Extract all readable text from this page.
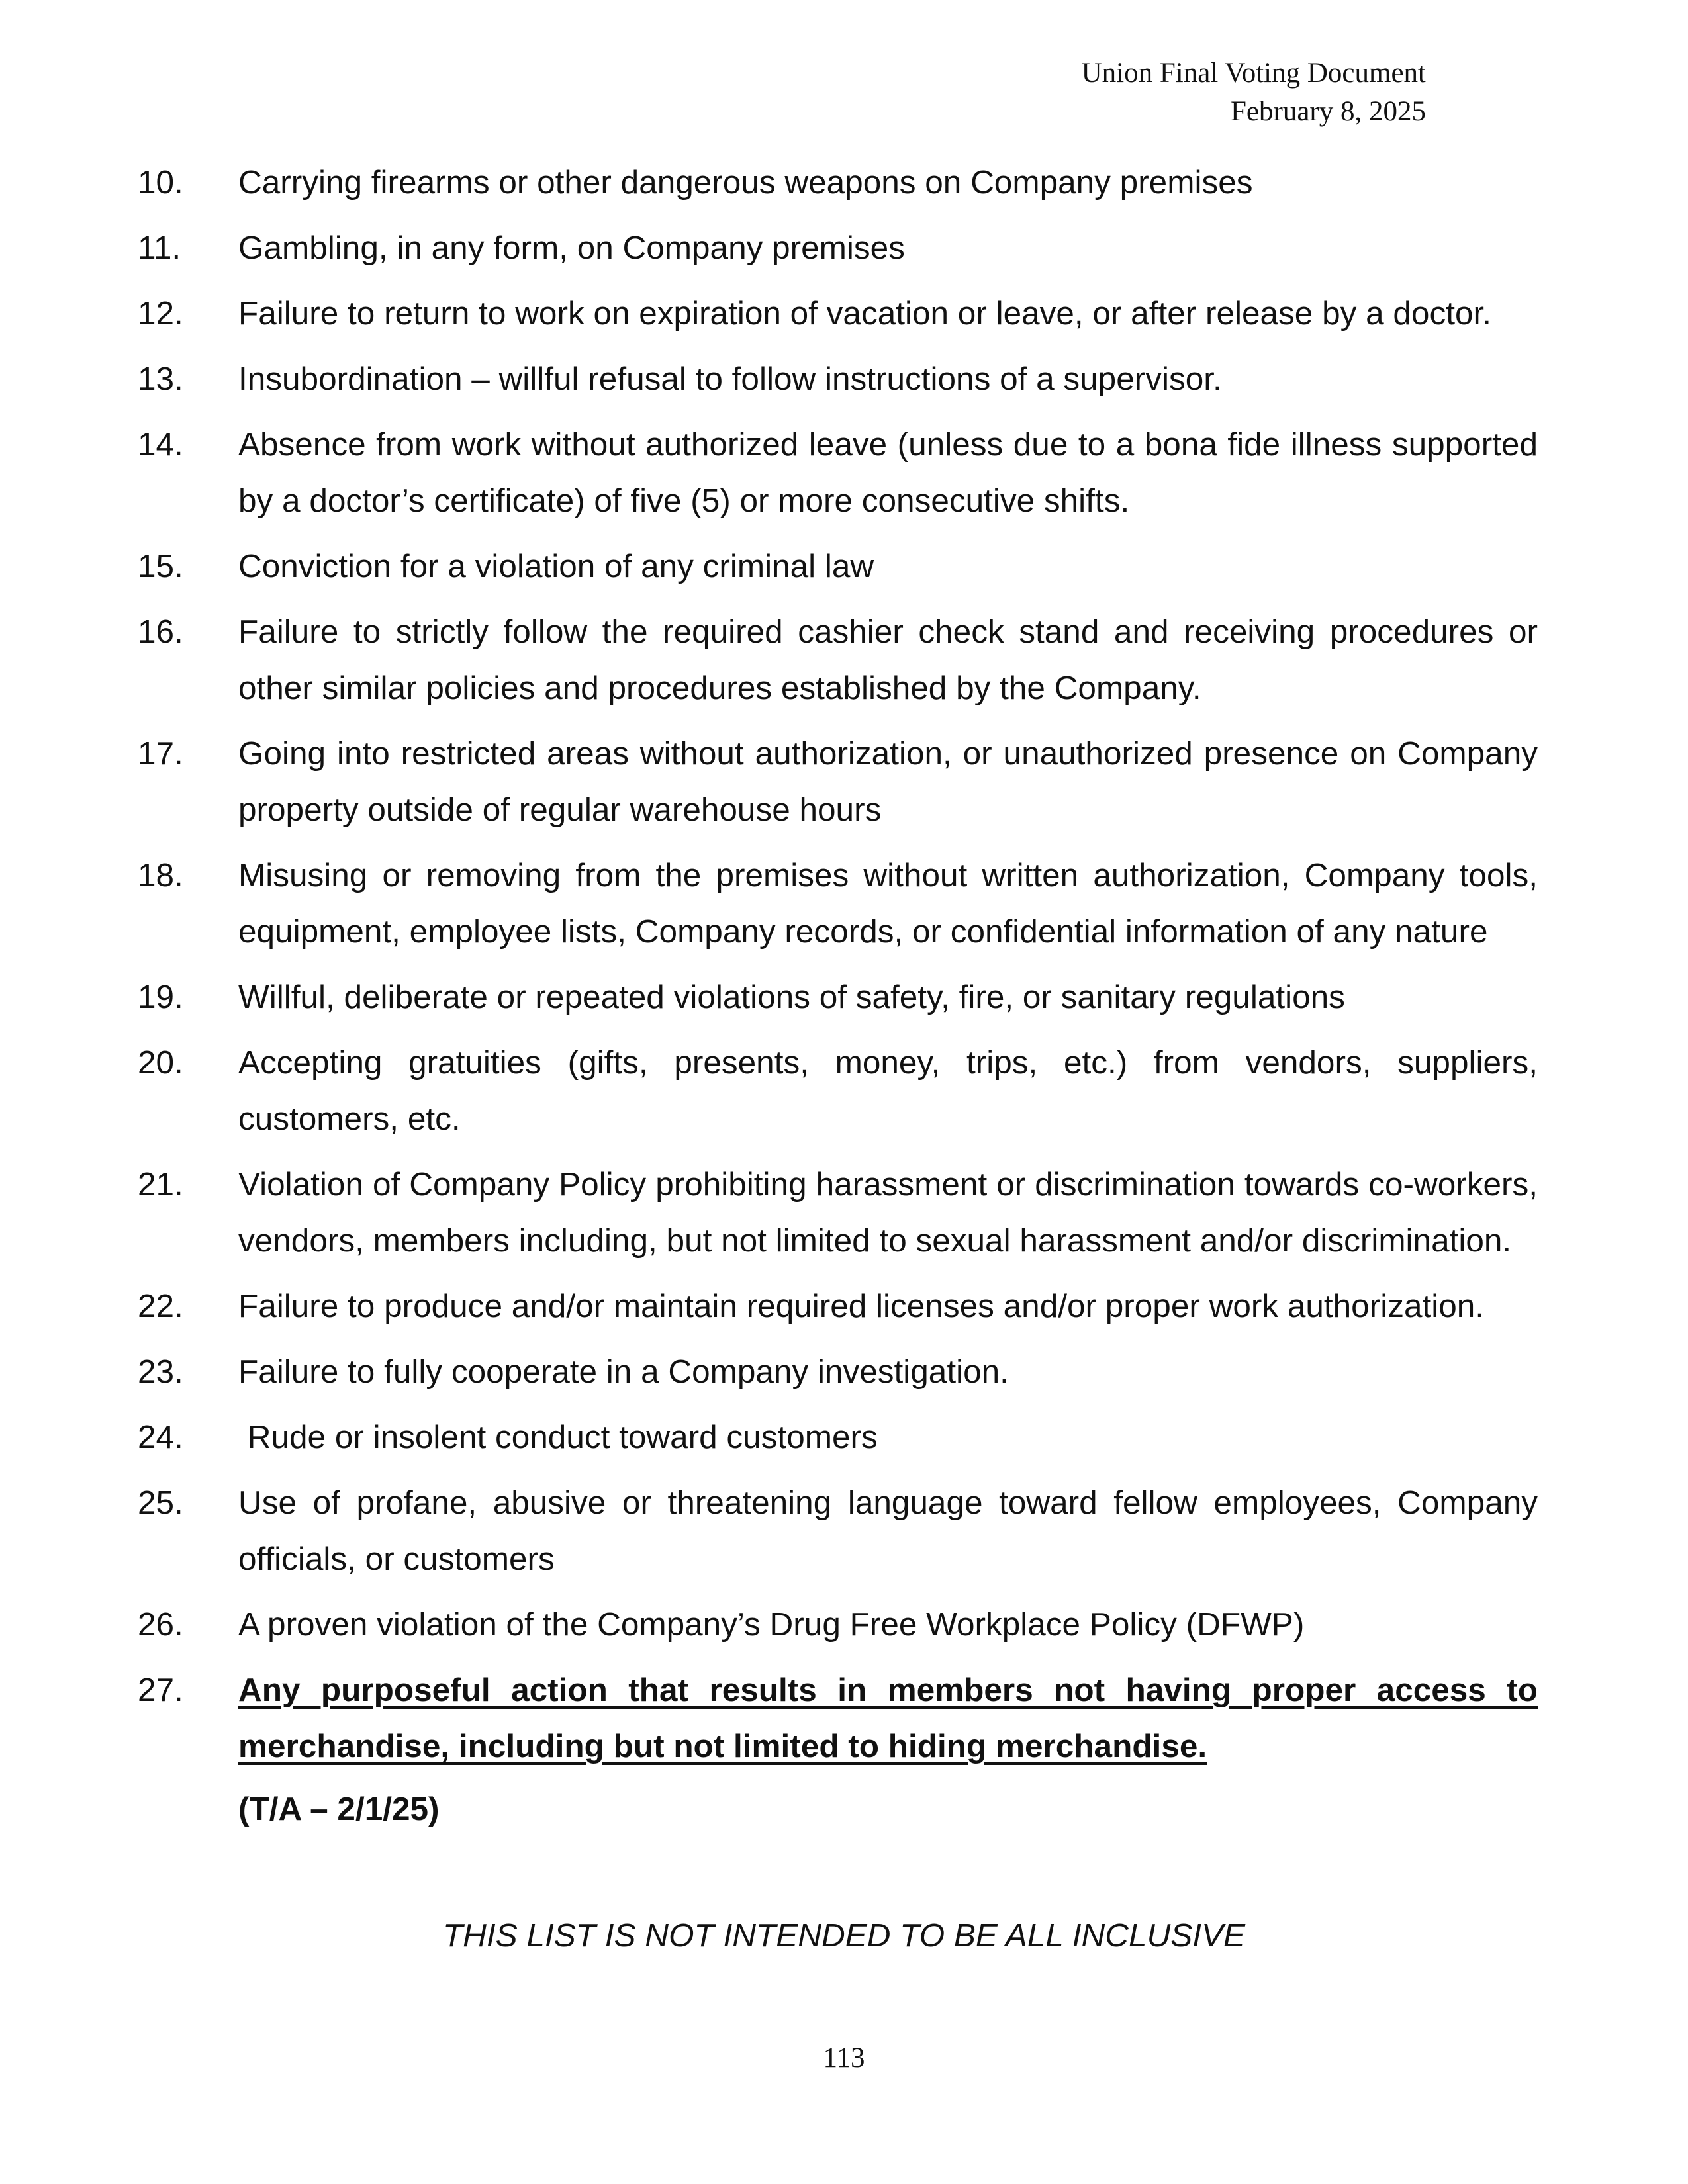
Union Final Voting Document
February 8, 2025
10.	Carrying firearms or other dangerous weapons on Company premises
11.	Gambling, in any form, on Company premises
12.	Failure to return to work on expiration of vacation or leave, or after release by a doctor.
13.	Insubordination – willful refusal to follow instructions of a supervisor.
14.	Absence from work without authorized leave (unless due to a bona fide illness supported by a doctor’s certificate) of five (5) or more consecutive shifts.
15.	Conviction for a violation of any criminal law
16.	Failure to strictly follow the required cashier check stand and receiving procedures or other similar policies and procedures established by the Company.
17.	Going into restricted areas without authorization, or unauthorized presence on Company property outside of regular warehouse hours
18.	Misusing or removing from the premises without written authorization, Company tools, equipment, employee lists, Company records, or confidential information of any nature
19.	Willful, deliberate or repeated violations of safety, fire, or sanitary regulations
20.	Accepting gratuities (gifts, presents, money, trips, etc.) from vendors, suppliers, customers, etc.
21.	Violation of Company Policy prohibiting harassment or discrimination towards co-workers, vendors, members including, but not limited to sexual harassment and/or discrimination.
22.	Failure to produce and/or maintain required licenses and/or proper work authorization.
23.	Failure to fully cooperate in a Company investigation.
24.	Rude or insolent conduct toward customers
25.	Use of profane, abusive or threatening language toward fellow employees, Company officials, or customers
26.	A proven violation of the Company’s Drug Free Workplace Policy (DFWP)
27.	Any purposeful action that results in members not having proper access to merchandise, including but not limited to hiding merchandise.
(T/A – 2/1/25)
THIS LIST IS NOT INTENDED TO BE ALL INCLUSIVE
113
